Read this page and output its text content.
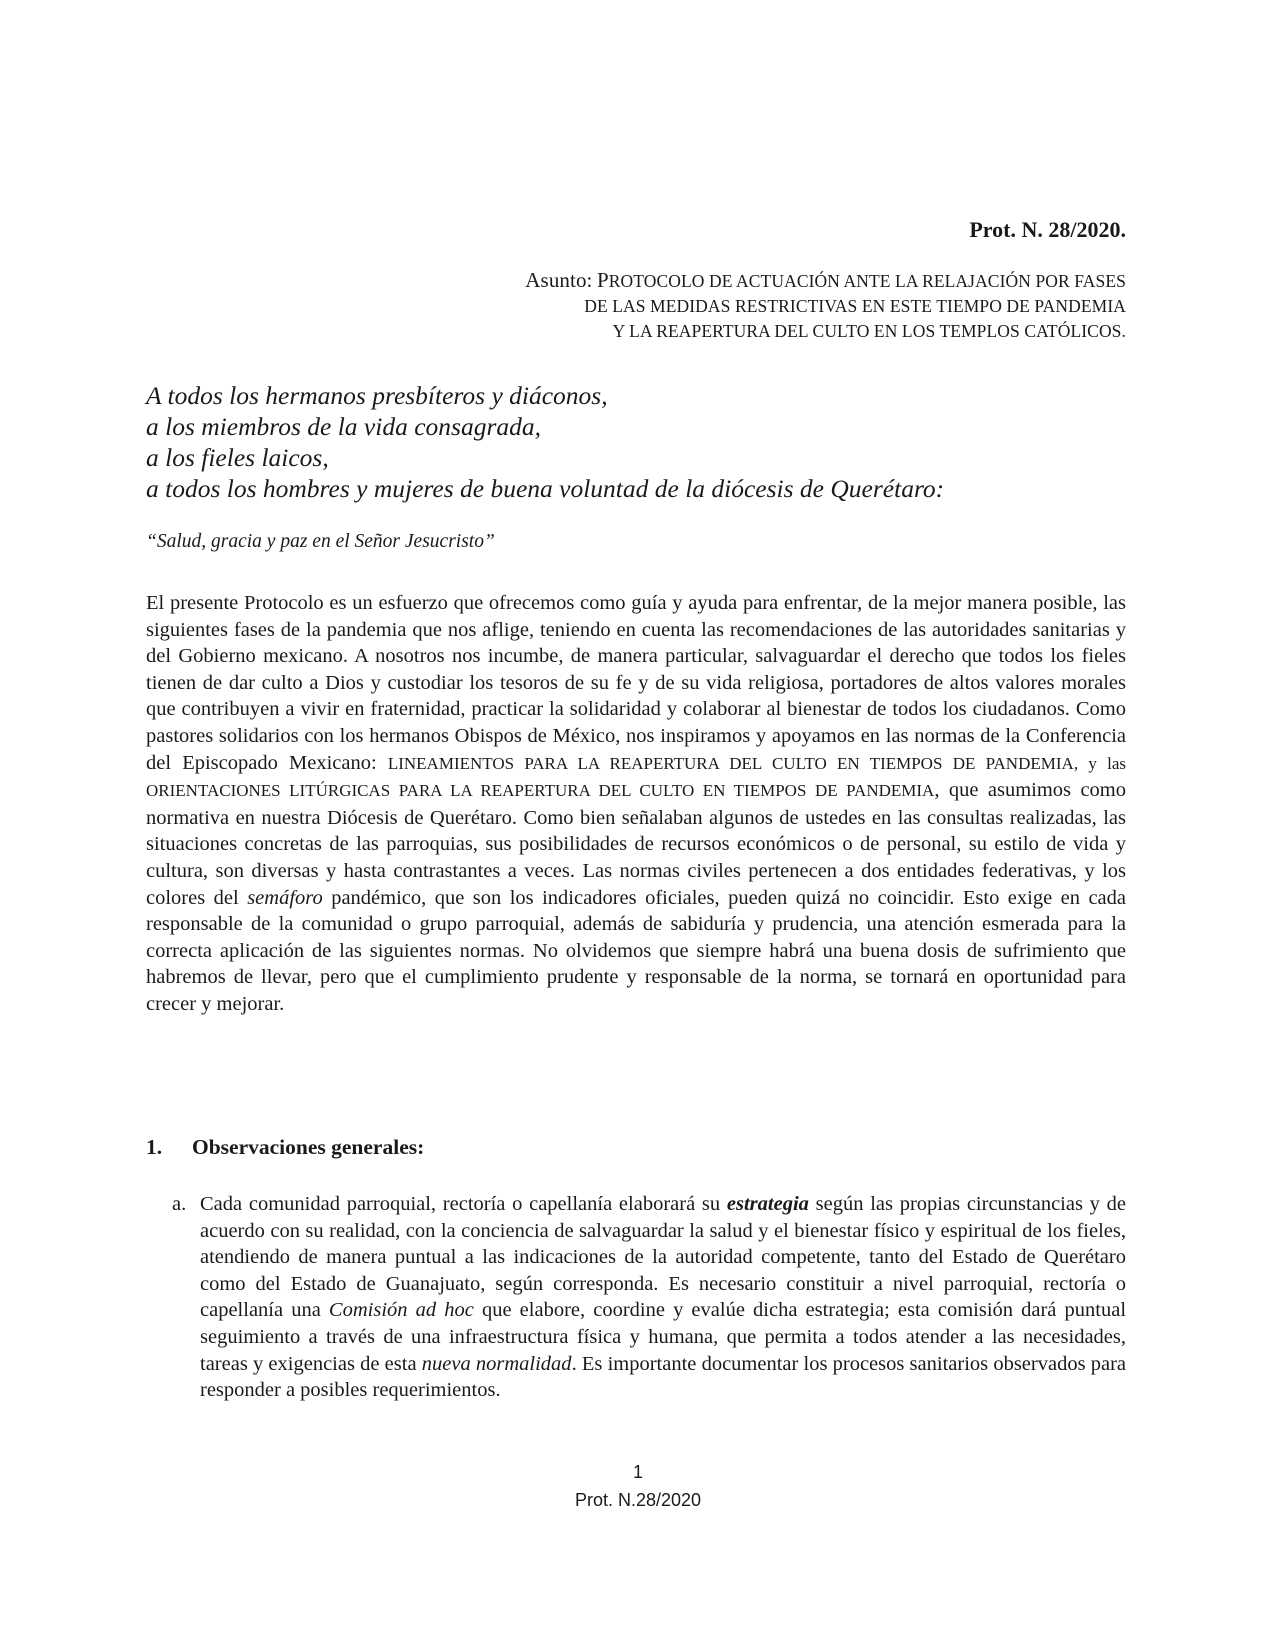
Prot. N. 28/2020.
Asunto: PROTOCOLO DE ACTUACIÓN ANTE LA RELAJACIÓN POR FASES
DE LAS MEDIDAS RESTRICTIVAS EN ESTE TIEMPO DE PANDEMIA
Y LA REAPERTURA DEL CULTO EN LOS TEMPLOS CATÓLICOS.
A todos los hermanos presbíteros y diáconos,
a los miembros de la vida consagrada,
a los fieles laicos,
a todos los hombres y mujeres de buena voluntad de la diócesis de Querétaro:
“Salud, gracia y paz en el Señor Jesucristo”
El presente Protocolo es un esfuerzo que ofrecemos como guía y ayuda para enfrentar, de la mejor manera posible, las siguientes fases de la pandemia que nos aflige, teniendo en cuenta las recomendaciones de las autoridades sanitarias y del Gobierno mexicano. A nosotros nos incumbe, de manera particular, salvaguardar el derecho que todos los fieles tienen de dar culto a Dios y custodiar los tesoros de su fe y de su vida religiosa, portadores de altos valores morales que contribuyen a vivir en fraternidad, practicar la solidaridad y colaborar al bienestar de todos los ciudadanos. Como pastores solidarios con los hermanos Obispos de México, nos inspiramos y apoyamos en las normas de la Conferencia del Episcopado Mexicano: LINEAMIENTOS PARA LA REAPERTURA DEL CULTO EN TIEMPOS DE PANDEMIA, y las ORIENTACIONES LITÚRGICAS PARA LA REAPERTURA DEL CULTO EN TIEMPOS DE PANDEMIA, que asumimos como normativa en nuestra Diócesis de Querétaro. Como bien señalaban algunos de ustedes en las consultas realizadas, las situaciones concretas de las parroquias, sus posibilidades de recursos económicos o de personal, su estilo de vida y cultura, son diversas y hasta contrastantes a veces. Las normas civiles pertenecen a dos entidades federativas, y los colores del semáforo pandémico, que son los indicadores oficiales, pueden quizá no coincidir. Esto exige en cada responsable de la comunidad o grupo parroquial, además de sabiduría y prudencia, una atención esmerada para la correcta aplicación de las siguientes normas. No olvidemos que siempre habrá una buena dosis de sufrimiento que habremos de llevar, pero que el cumplimiento prudente y responsable de la norma, se tornará en oportunidad para crecer y mejorar.
1. Observaciones generales:
a. Cada comunidad parroquial, rectoría o capellanía elaborará su estrategia según las propias circunstancias y de acuerdo con su realidad, con la conciencia de salvaguardar la salud y el bienestar físico y espiritual de los fieles, atendiendo de manera puntual a las indicaciones de la autoridad competente, tanto del Estado de Querétaro como del Estado de Guanajuato, según corresponda. Es necesario constituir a nivel parroquial, rectoría o capellanía una Comisión ad hoc que elabore, coordine y evalúe dicha estrategia; esta comisión dará puntual seguimiento a través de una infraestructura física y humana, que permita a todos atender a las necesidades, tareas y exigencias de esta nueva normalidad. Es importante documentar los procesos sanitarios observados para responder a posibles requerimientos.
1
Prot. N.28/2020
